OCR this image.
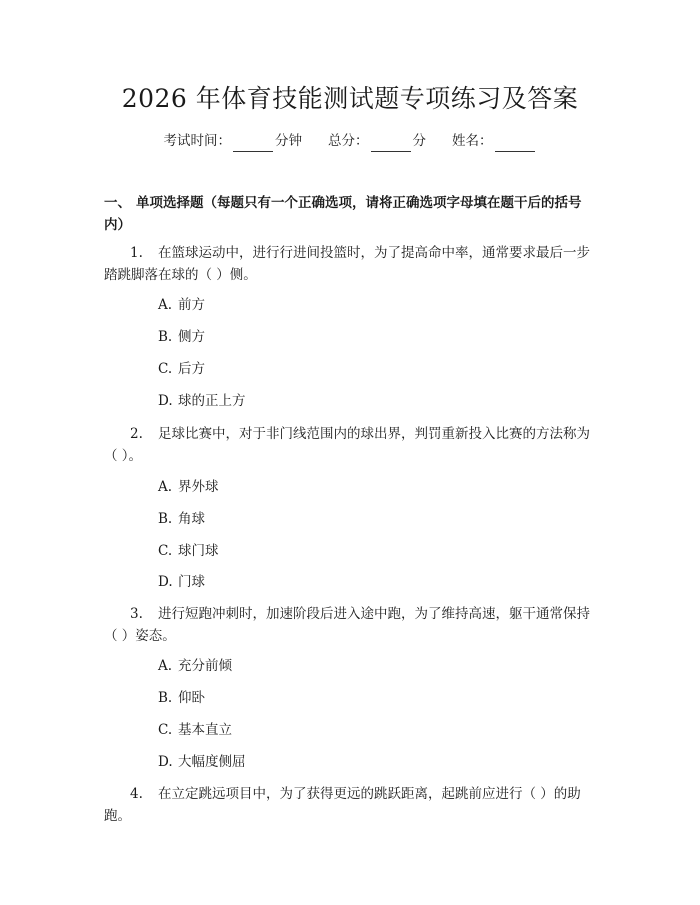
2026 年体育技能测试题专项练习及答案
考试时间：	分钟 总分：	分 姓名：
一、 单项选择题（每题只有一个正确选项，请将正确选项字母填在题干后的括号内）
1. 在篮球运动中，进行行进间投篮时，为了提高命中率，通常要求最后一步踏跳脚落在球的（ ）侧。
A. 前方
B. 侧方
C. 后方
D. 球的正上方
2. 足球比赛中，对于非门线范围内的球出界，判罚重新投入比赛的方法称为（ ）。
A. 界外球
B. 角球
C. 球门球
D. 门球
3. 进行短跑冲刺时，加速阶段后进入途中跑，为了维持高速，躯干通常保持（ ）姿态。
A. 充分前倾
B. 仰卧
C. 基本直立
D. 大幅度侧屈
4. 在立定跳远项目中，为了获得更远的跳跃距离，起跳前应进行（ ）的助跑。
